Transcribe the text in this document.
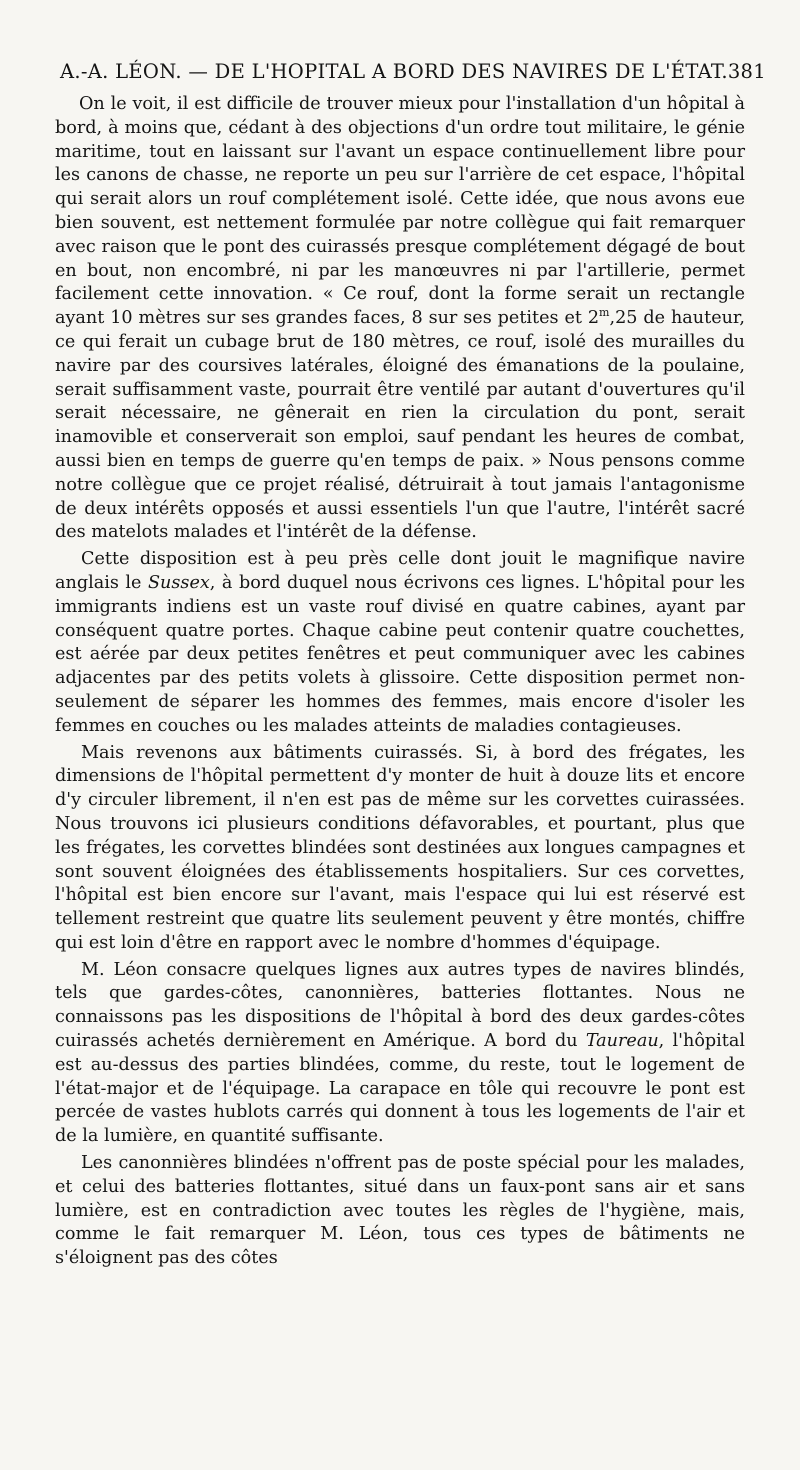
A.-A. LÉON. — DE L'HOPITAL A BORD DES NAVIRES DE L'ÉTAT. 381

On le voit, il est difficile de trouver mieux pour l'installation d'un hôpital à bord, à moins que, cédant à des objections d'un ordre tout militaire, le génie maritime, tout en laissant sur l'avant un espace continuellement libre pour les canons de chasse, ne reporte un peu sur l'arrière de cet espace, l'hôpital qui serait alors un rouf complétement isolé. Cette idée, que nous avons eue bien souvent, est nettement formulée par notre collègue qui fait remarquer avec raison que le pont des cuirassés presque complétement dégagé de bout en bout, non encombré, ni par les manœuvres ni par l'artillerie, permet facilement cette innovation. « Ce rouf, dont la forme serait un rectangle ayant 10 mètres sur ses grandes faces, 8 sur ses petites et 2$^m$,25 de hauteur, ce qui ferait un cubage brut de 180 mètres, ce rouf, isolé des murailles du navire par des coursives latérales, éloigné des émanations de la poulaine, serait suffisamment vaste, pourrait être ventilé par autant d'ouvertures qu'il serait nécessaire, ne gênerait en rien la circulation du pont, serait inamovible et conserverait son emploi, sauf pendant les heures de combat, aussi bien en temps de guerre qu'en temps de paix. » Nous pensons comme notre collègue que ce projet réalisé, détruirait à tout jamais l'antagonisme de deux intérêts opposés et aussi essentiels l'un que l'autre, l'intérêt sacré des matelots malades et l'intérêt de la défense.

Cette disposition est à peu près celle dont jouit le magnifique navire anglais le Sussex, à bord duquel nous écrivons ces lignes. L'hôpital pour les immigrants indiens est un vaste rouf divisé en quatre cabines, ayant par conséquent quatre portes. Chaque cabine peut contenir quatre couchettes, est aérée par deux petites fenêtres et peut communiquer avec les cabines adjacentes par des petits volets à glissoire. Cette disposition permet non-seulement de séparer les hommes des femmes, mais encore d'isoler les femmes en couches ou les malades atteints de maladies contagieuses.

Mais revenons aux bâtiments cuirassés. Si, à bord des frégates, les dimensions de l'hôpital permettent d'y monter de huit à douze lits et encore d'y circuler librement, il n'en est pas de même sur les corvettes cuirassées. Nous trouvons ici plusieurs conditions défavorables, et pourtant, plus que les frégates, les corvettes blindées sont destinées aux longues campagnes et sont souvent éloignées des établissements hospitaliers. Sur ces corvettes, l'hôpital est bien encore sur l'avant, mais l'espace qui lui est réservé est tellement restreint que quatre lits seulement peuvent y être montés, chiffre qui est loin d'être en rapport avec le nombre d'hommes d'équipage.

M. Léon consacre quelques lignes aux autres types de navires blindés, tels que gardes-côtes, canonnières, batteries flottantes. Nous ne connaissons pas les dispositions de l'hôpital à bord des deux gardes-côtes cuirassés achetés dernièrement en Amérique. A bord du Taureau, l'hôpital est au-dessus des parties blindées, comme, du reste, tout le logement de l'état-major et de l'équipage. La carapace en tôle qui recouvre le pont est percée de vastes hublots carrés qui donnent à tous les logements de l'air et de la lumière, en quantité suffisante.

Les canonnières blindées n'offrent pas de poste spécial pour les malades, et celui des batteries flottantes, situé dans un faux-pont sans air et sans lumière, est en contradiction avec toutes les règles de l'hygiène, mais, comme le fait remarquer M. Léon, tous ces types de bâtiments ne s'éloignent pas des côtes
